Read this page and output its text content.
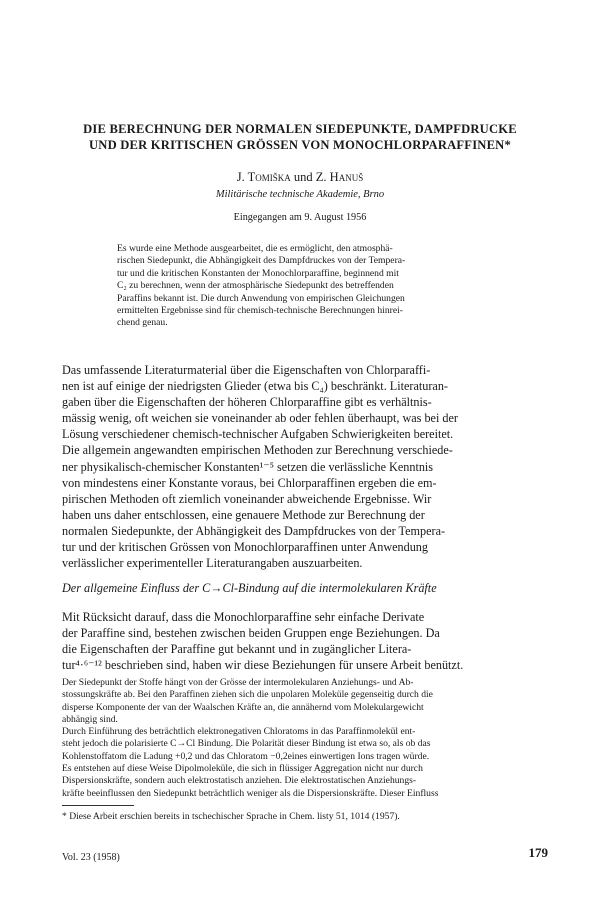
DIE BERECHNUNG DER NORMALEN SIEDEPUNKTE, DAMPFDRUCKE
UND DER KRITISCHEN GRÖSSEN VON MONOCHLORPARAFFINEN*
J. Tomiška und Z. Hanuš
Militärische technische Akademie, Brno
Eingegangen am 9. August 1956
Es wurde eine Methode ausgearbeitet, die es ermöglicht, den atmosphä-
rischen Siedepunkt, die Abhängigkeit des Dampfdruckes von der Tempera-
tur und die kritischen Konstanten der Monochlorparaffine, beginnend mit
C₂ zu berechnen, wenn der atmosphärische Siedepunkt des betreffenden
Paraffins bekannt ist. Die durch Anwendung von empirischen Gleichungen
ermittelten Ergebnisse sind für chemisch-technische Berechnungen hinrei-
chend genau.
Das umfassende Literaturmaterial über die Eigenschaften von Chlorparaffi-
nen ist auf einige der niedrigsten Glieder (etwa bis C₄) beschränkt. Literaturan-
gaben über die Eigenschaften der höheren Chlorparaffine gibt es verhältnis-
mässig wenig, oft weichen sie voneinander ab oder fehlen überhaupt, was bei der
Lösung verschiedener chemisch-technischer Aufgaben Schwierigkeiten bereitet.
Die allgemein angewandten empirischen Methoden zur Berechnung verschiede-
ner physikalisch-chemischer Konstanten¹⁻⁵ setzen die verlässliche Kenntnis
von mindestens einer Konstante voraus, bei Chlorparaffinen ergeben die em-
pirischen Methoden oft ziemlich voneinander abweichende Ergebnisse. Wir
haben uns daher entschlossen, eine genauere Methode zur Berechnung der
normalen Siedepunkte, der Abhängigkeit des Dampfdruckes von der Tempera-
tur und der kritischen Grössen von Monochlorparaffinen unter Anwendung
verlässlicher experimenteller Literaturangaben auszuarbeiten.
Der allgemeine Einfluss der C→Cl-Bindung auf die intermolekularen Kräfte
Mit Rücksicht darauf, dass die Monochlorparaffine sehr einfache Derivate
der Paraffine sind, bestehen zwischen beiden Gruppen enge Beziehungen. Da
die Eigenschaften der Paraffine gut bekannt und in zugänglicher Litera-
tur⁴·⁶⁻¹² beschrieben sind, haben wir diese Beziehungen für unsere Arbeit benützt.
Der Siedepunkt der Stoffe hängt von der Grösse der intermolekularen Anziehungs- und Ab-
stossungskräfte ab. Bei den Paraffinen ziehen sich die unpolaren Moleküle gegenseitig durch die
disperse Komponente der van der Waalschen Kräfte an, die annähernd vom Molekulargewicht
abhängig sind.
Durch Einführung des beträchtlich elektronegativen Chloratoms in das Paraffinmolekül ent-
steht jedoch die polarisierte C→Cl Bindung. Die Polarität dieser Bindung ist etwa so, als ob das
Kohlenstoffatom die Ladung +0,2 und das Chloratom −0,2eines einwertigen Ions tragen würde.
Es entstehen auf diese Weise Dipolmoleküle, die sich in flüssiger Aggregation nicht nur durch
Dispersionskräfte, sondern auch elektrostatisch anziehen. Die elektrostatischen Anziehungs-
kräfte beeinflussen den Siedepunkt beträchtlich weniger als die Dispersionskräfte. Dieser Einfluss
* Diese Arbeit erschien bereits in tschechischer Sprache in Chem. listy 51, 1014 (1957).
Vol. 23 (1958)	179
